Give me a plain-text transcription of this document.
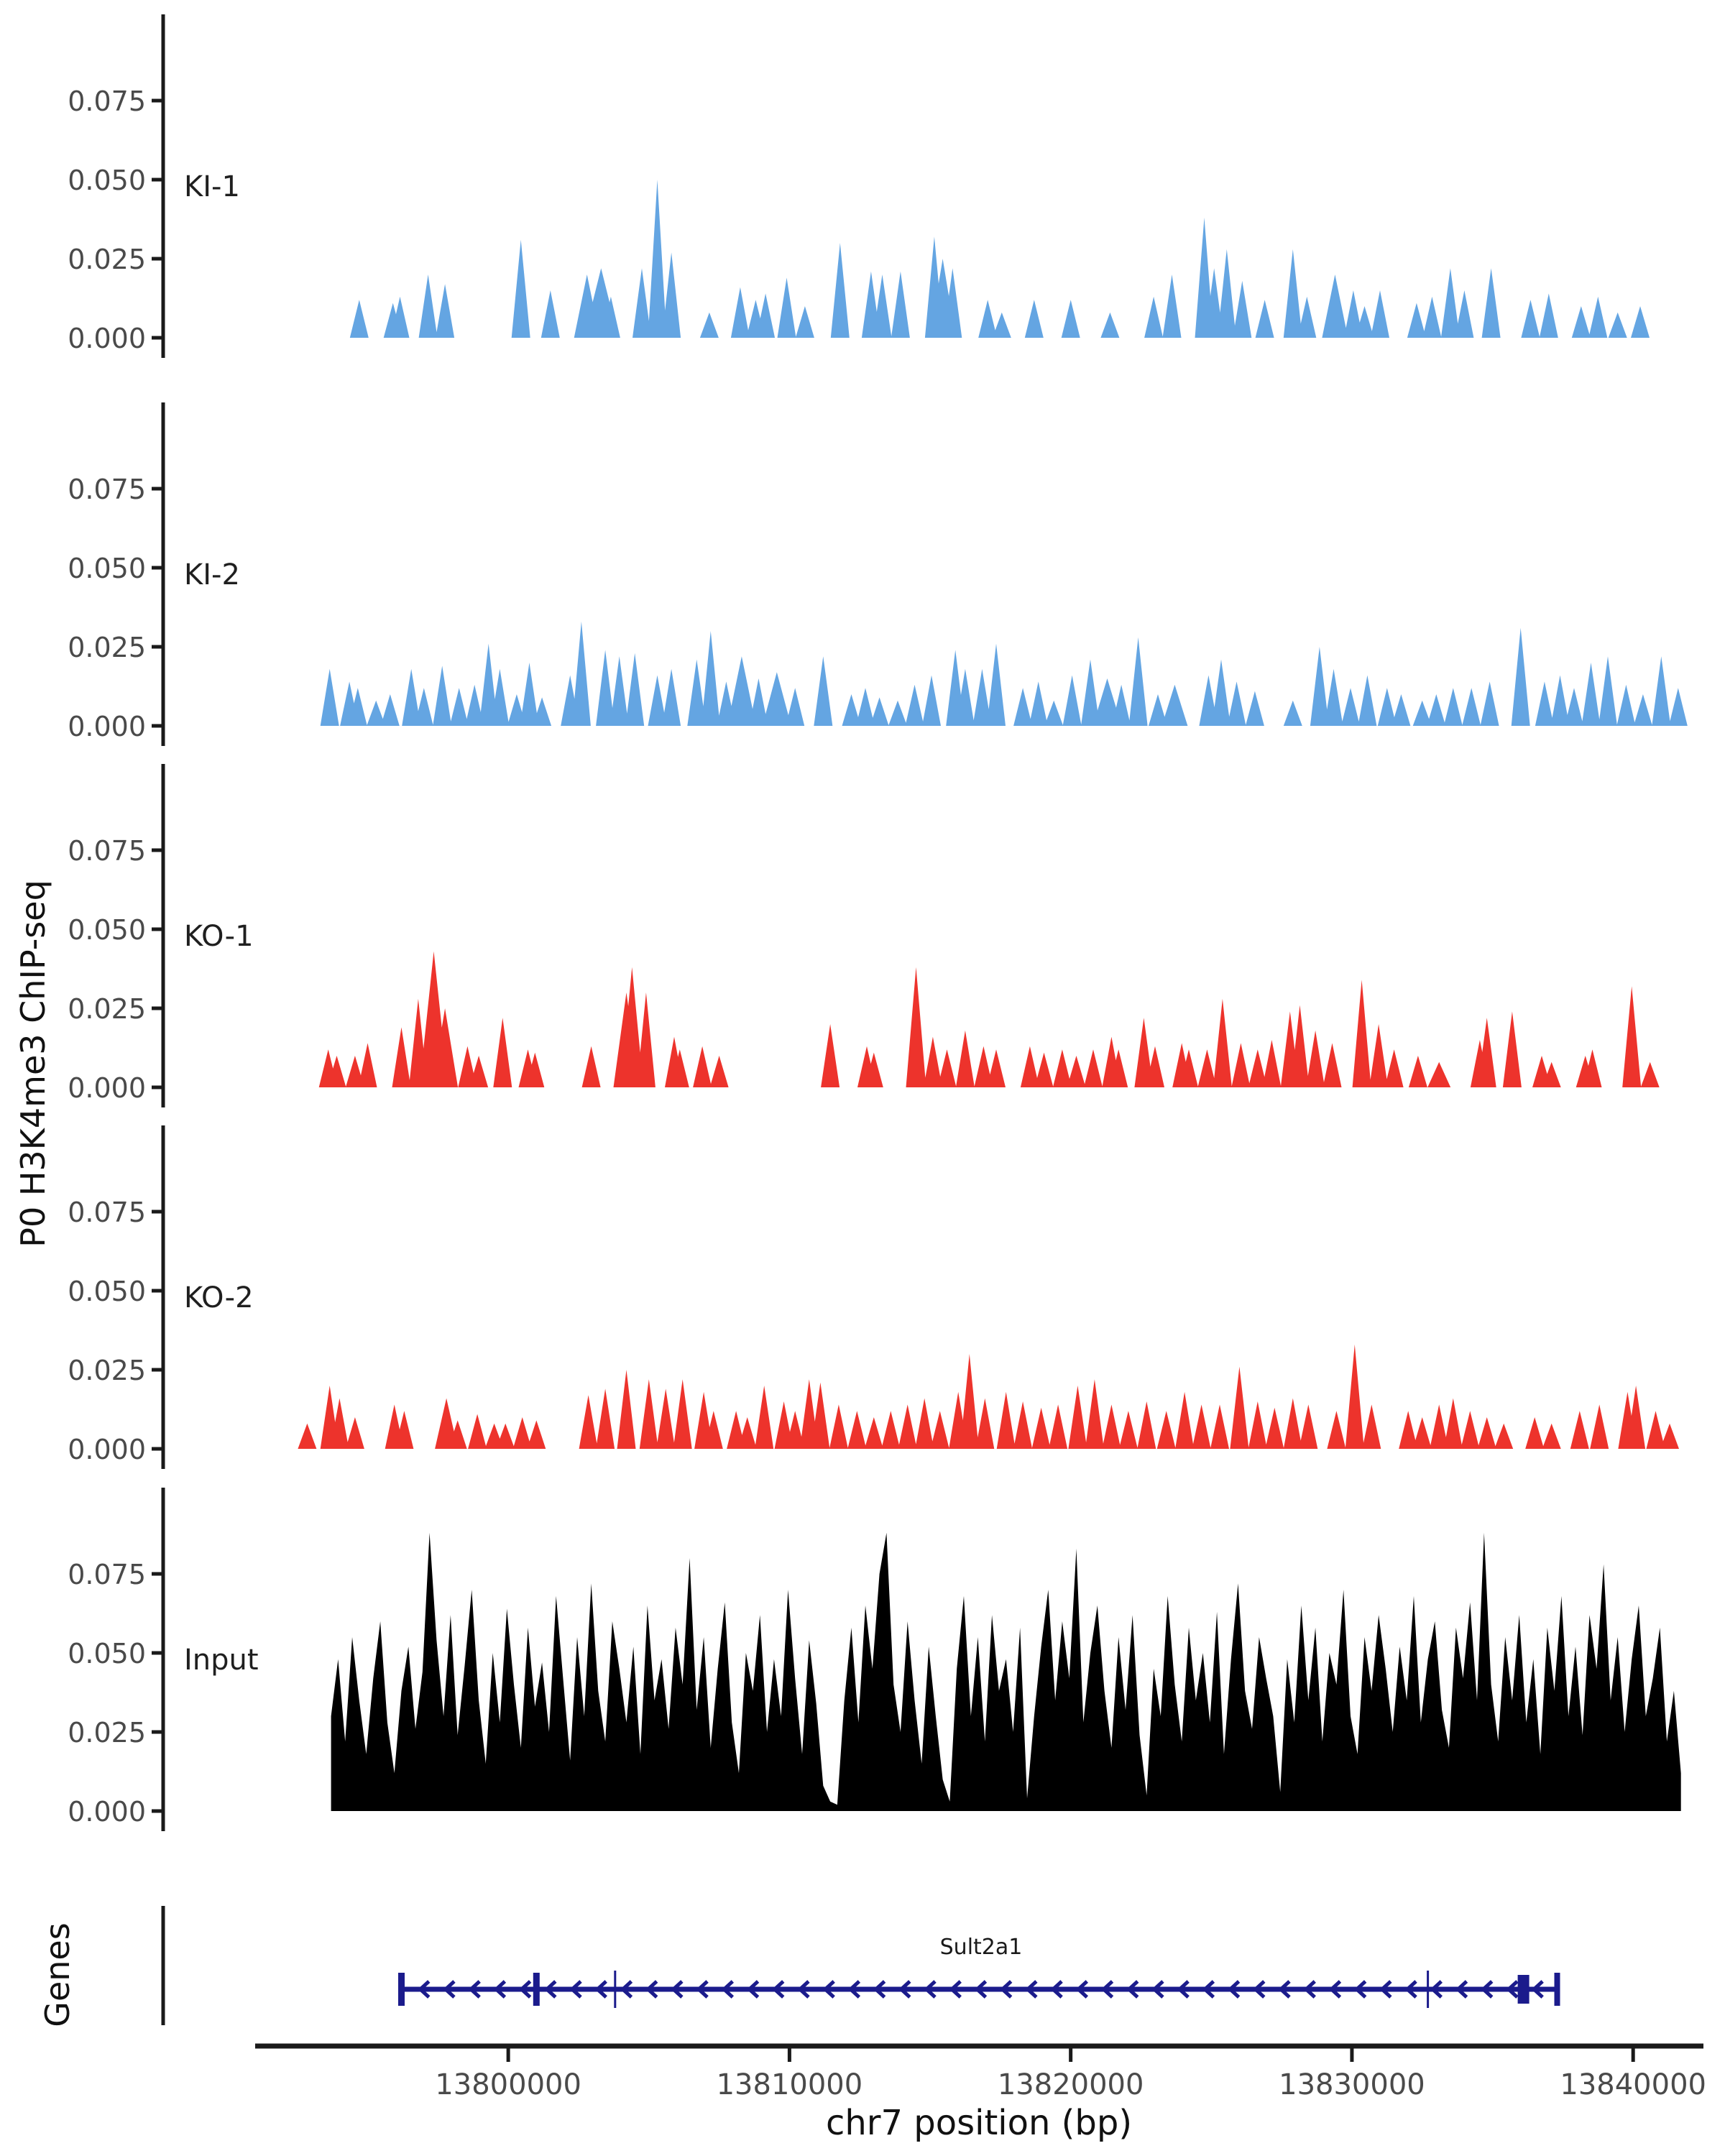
P0 H3K4me3 ChIP-seq
Genes
chr7 position (bp)
Sult2a1
0.000
0.025
0.050
0.075
KI-1
0.000
0.025
0.050
0.075
KI-2
0.000
0.025
0.050
0.075
KO-1
0.000
0.025
0.050
0.075
KO-2
0.000
0.025
0.050
0.075
Input
13800000	13810000	13820000	13830000	13840000
